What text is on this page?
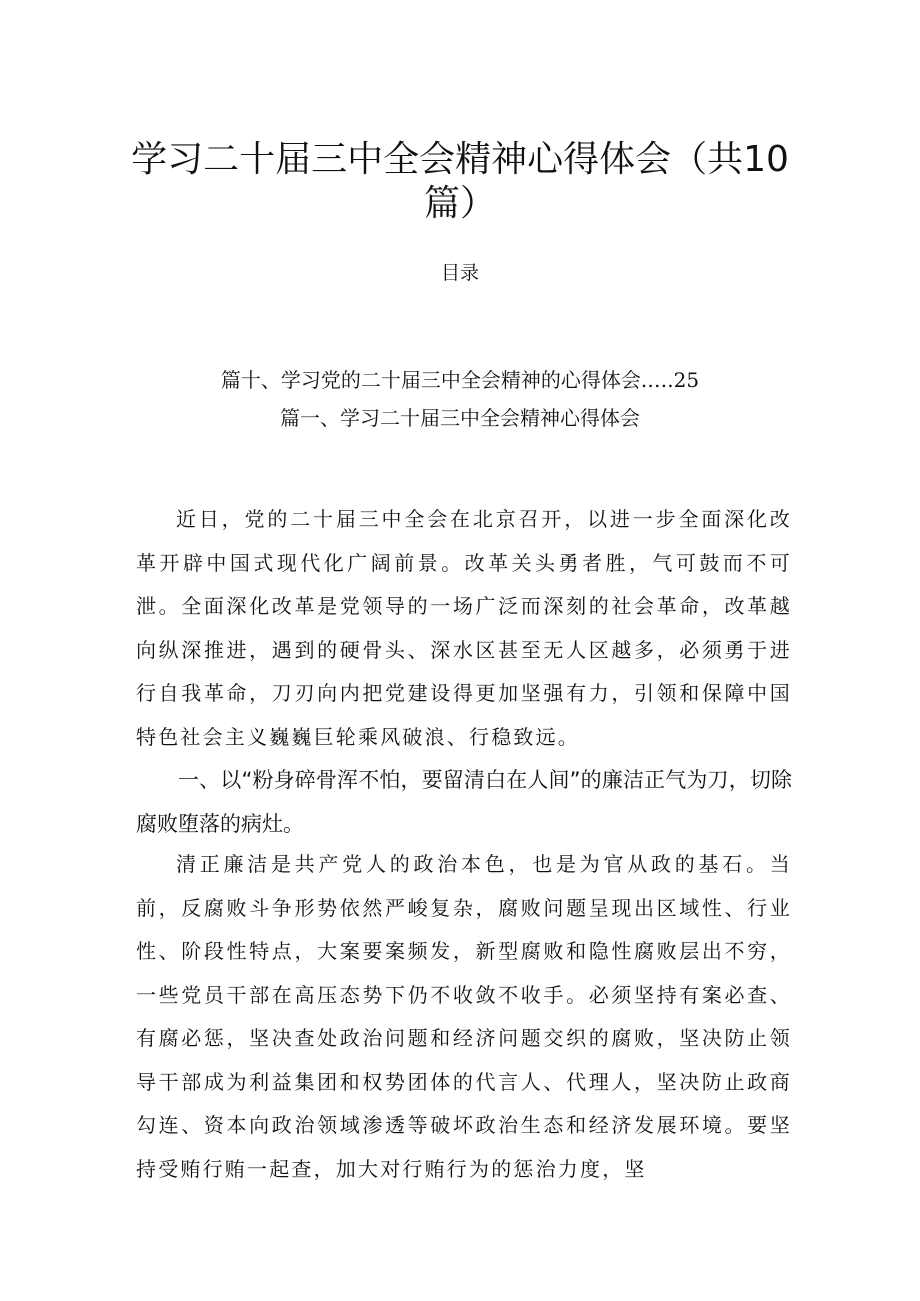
学习二十届三中全会精神心得体会（共10篇）
目录
篇十、学习党的二十届三中全会精神的心得体会.….25
篇一、学习二十届三中全会精神心得体会

近日，党的二十届三中全会在北京召开，以进一步全面深化改革开辟中国式现代化广阔前景。改革关头勇者胜，气可鼓而不可泄。全面深化改革是党领导的一场广泛而深刻的社会革命，改革越向纵深推进，遇到的硬骨头、深水区甚至无人区越多，必须勇于进行自我革命，刀刃向内把党建设得更加坚强有力，引领和保障中国特色社会主义巍巍巨轮乘风破浪、行稳致远。

一、以“粉身碎骨浑不怕，要留清白在人间”的廉洁正气为刀，切除腐败堕落的病灶。

清正廉洁是共产党人的政治本色，也是为官从政的基石。当前，反腐败斗争形势依然严峻复杂，腐败问题呈现出区域性、行业性、阶段性特点，大案要案频发，新型腐败和隐性腐败层出不穷，一些党员干部在高压态势下仍不收敛不收手。必须坚持有案必查、有腐必惩，坚决查处政治问题和经济问题交织的腐败，坚决防止领导干部成为利益集团和权势团体的代言人、代理人，坚决防止政商勾连、资本向政治领域渗透等破坏政治生态和经济发展环境。要坚持受贿行贿一起查，加大对行贿行为的惩治力度，坚
